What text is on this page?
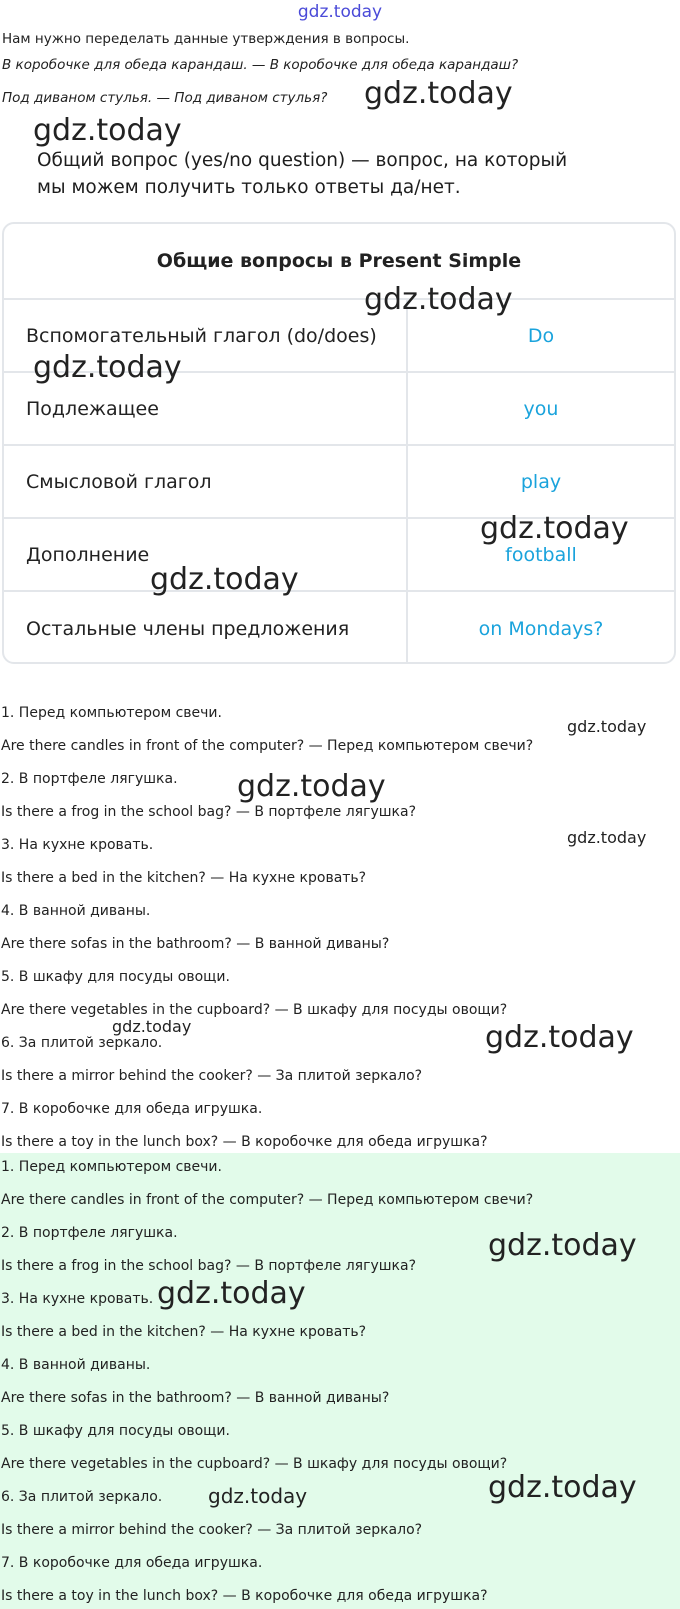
gdz.today
Нам нужно переделать данные утверждения в вопросы.
В коробочке для обеда карандаш. — В коробочке для обеда карандаш?
Под диваном стулья. — Под диваном стулья? gdz.today
gdz.today
Общий вопрос (yes/no question) — вопрос, на который
мы можем получить только ответы да/нет.
Общие вопросы в Present Simple
Вспомогательный глагол (do/does)	Do
Подлежащее	you
Смысловой глагол	play
Дополнение	football
Остальные члены предложения	on Mondays?
gdz.today
gdz.today
gdz.today
gdz.today
1. Перед компьютером свечи.
Are there candles in front of the computer? — Перед компьютером свечи?
2. В портфеле лягушка.
Is there a frog in the school bag? — В портфеле лягушка?
3. На кухне кровать.
Is there a bed in the kitchen? — На кухне кровать?
4. В ванной диваны.
Are there sofas in the bathroom? — В ванной диваны?
5. В шкафу для посуды овощи.
Are there vegetables in the cupboard? — В шкафу для посуды овощи?
6. За плитой зеркало.
Is there a mirror behind the cooker? — За плитой зеркало?
7. В коробочке для обеда игрушка.
Is there a toy in the lunch box? — В коробочке для обеда игрушка?
gdz.today
gdz.today
gdz.today
gdz.today	gdz.today
1. Перед компьютером свечи.
Are there candles in front of the computer? — Перед компьютером свечи?
2. В портфеле лягушка.
Is there a frog in the school bag? — В портфеле лягушка?
3. На кухне кровать.
Is there a bed in the kitchen? — На кухне кровать?
4. В ванной диваны.
Are there sofas in the bathroom? — В ванной диваны?
5. В шкафу для посуды овощи.
Are there vegetables in the cupboard? — В шкафу для посуды овощи?
6. За плитой зеркало.
Is there a mirror behind the cooker? — За плитой зеркало?
7. В коробочке для обеда игрушка.
Is there a toy in the lunch box? — В коробочке для обеда игрушка?
gdz.today
gdz.today
gdz.today
gdz.today
